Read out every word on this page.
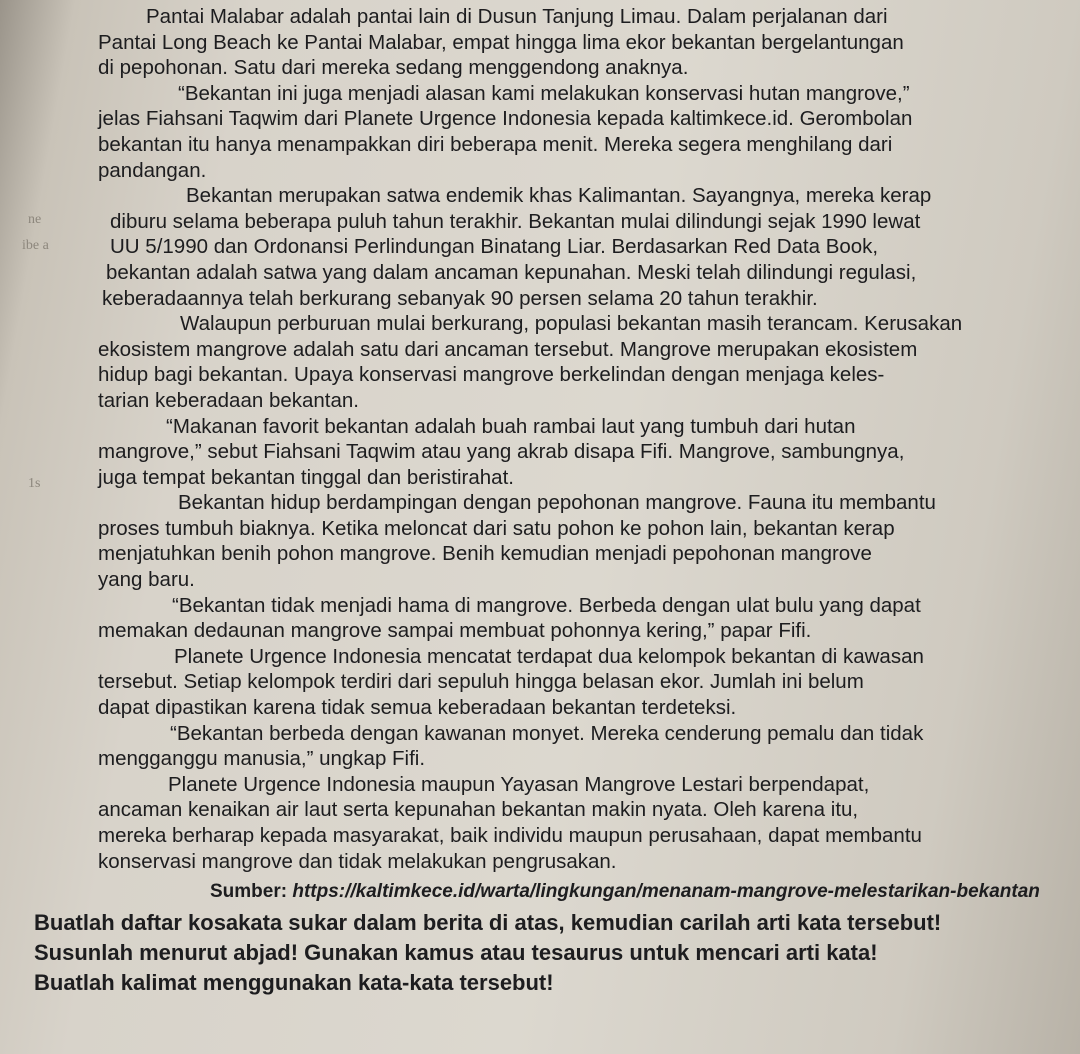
Pantai Malabar adalah pantai lain di Dusun Tanjung Limau. Dalam perjalanan dari
Pantai Long Beach ke Pantai Malabar, empat hingga lima ekor bekantan bergelantungan
di pepohonan. Satu dari mereka sedang menggendong anaknya.

“Bekantan ini juga menjadi alasan kami melakukan konservasi hutan mangrove,”
jelas Fiahsani Taqwim dari Planete Urgence Indonesia kepada kaltimkece.id. Gerombolan
bekantan itu hanya menampakkan diri beberapa menit. Mereka segera menghilang dari
pandangan.

Bekantan merupakan satwa endemik khas Kalimantan. Sayangnya, mereka kerap
diburu selama beberapa puluh tahun terakhir. Bekantan mulai dilindungi sejak 1990 lewat
UU 5/1990 dan Ordonansi Perlindungan Binatang Liar. Berdasarkan Red Data Book,
bekantan adalah satwa yang dalam ancaman kepunahan. Meski telah dilindungi regulasi,
keberadaannya telah berkurang sebanyak 90 persen selama 20 tahun terakhir.

Walaupun perburuan mulai berkurang, populasi bekantan masih terancam. Kerusakan
ekosistem mangrove adalah satu dari ancaman tersebut. Mangrove merupakan ekosistem
hidup bagi bekantan. Upaya konservasi mangrove berkelindan dengan menjaga keles-
tarian keberadaan bekantan.

“Makanan favorit bekantan adalah buah rambai laut yang tumbuh dari hutan
mangrove,” sebut Fiahsani Taqwim atau yang akrab disapa Fifi. Mangrove, sambungnya,
juga tempat bekantan tinggal dan beristirahat.

Bekantan hidup berdampingan dengan pepohonan mangrove. Fauna itu membantu
proses tumbuh biaknya. Ketika meloncat dari satu pohon ke pohon lain, bekantan kerap
menjatuhkan benih pohon mangrove. Benih kemudian menjadi pepohonan mangrove
yang baru.

“Bekantan tidak menjadi hama di mangrove. Berbeda dengan ulat bulu yang dapat
memakan dedaunan mangrove sampai membuat pohonnya kering,” papar Fifi.

Planete Urgence Indonesia mencatat terdapat dua kelompok bekantan di kawasan
tersebut. Setiap kelompok terdiri dari sepuluh hingga belasan ekor. Jumlah ini belum
dapat dipastikan karena tidak semua keberadaan bekantan terdeteksi.

“Bekantan berbeda dengan kawanan monyet. Mereka cenderung pemalu dan tidak
mengganggu manusia,” ungkap Fifi.

Planete Urgence Indonesia maupun Yayasan Mangrove Lestari berpendapat,
ancaman kenaikan air laut serta kepunahan bekantan makin nyata. Oleh karena itu,
mereka berharap kepada masyarakat, baik individu maupun perusahaan, dapat membantu
konservasi mangrove dan tidak melakukan pengrusakan.

Sumber: https://kaltimkece.id/warta/lingkungan/menanam-mangrove-melestarikan-bekantan

Buatlah daftar kosakata sukar dalam berita di atas, kemudian carilah arti kata tersebut!

Susunlah menurut abjad! Gunakan kamus atau tesaurus untuk mencari arti kata!

Buatlah kalimat menggunakan kata-kata tersebut!

ne
ibe a
1s
